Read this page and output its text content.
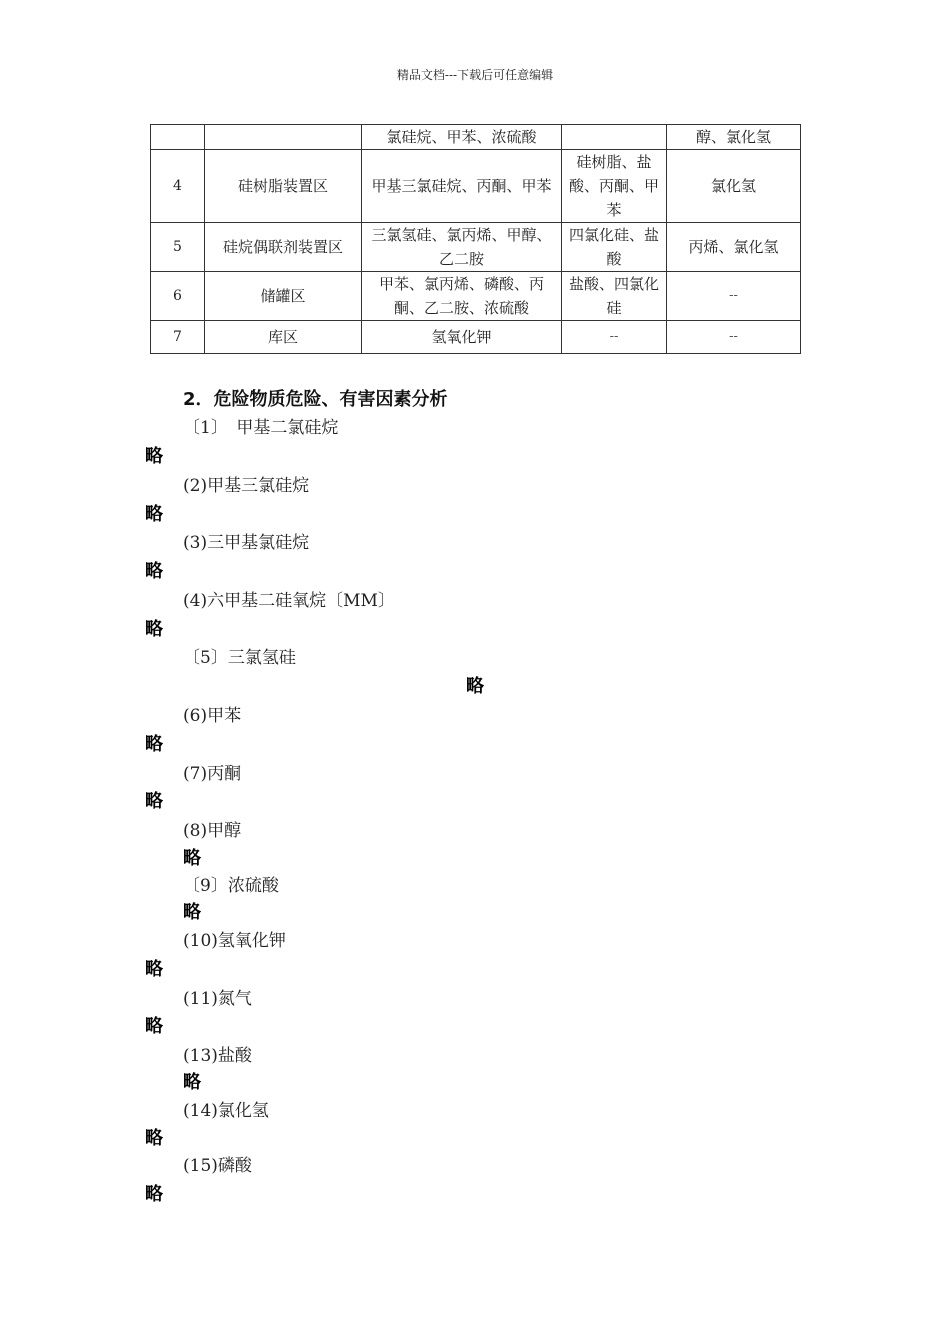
精品文档---下载后可任意编辑
		氯硅烷、甲苯、浓硫酸		醇、氯化氢
4	硅树脂装置区	甲基三氯硅烷、丙酮、甲苯	硅树脂、盐酸、丙酮、甲苯	氯化氢
5	硅烷偶联剂装置区	三氯氢硅、氯丙烯、甲醇、乙二胺	四氯化硅、盐酸	丙烯、氯化氢
6	储罐区	甲苯、氯丙烯、磷酸、丙酮、乙二胺、浓硫酸	盐酸、四氯化硅	--
7	库区	氢氧化钾	--	--
2．危险物质危险、有害因素分析
〔1〕　甲基二氯硅烷
略
(2)甲基三氯硅烷
略
(3)三甲基氯硅烷
略
(4)六甲基二硅氧烷〔MM〕
略
〔5〕三氯氢硅
略
(6)甲苯
略
(7)丙酮
略
(8)甲醇
略
〔9〕浓硫酸
略
(10)氢氧化钾
略
(11)氮气
略
(13)盐酸
略
(14)氯化氢
略
(15)磷酸
略
